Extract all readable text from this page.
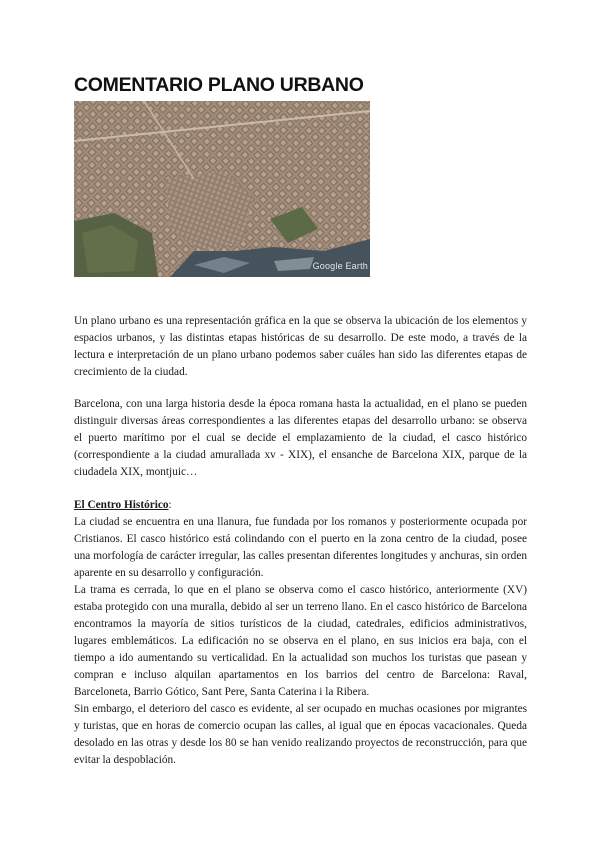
COMENTARIO PLANO URBANO
Google Earth
Un plano urbano es una representación gráfica en la que se observa la ubicación de los elementos y espacios urbanos, y las distintas etapas históricas de su desarrollo. De este modo, a través de la lectura e interpretación de un plano urbano podemos saber cuáles han sido las diferentes etapas de crecimiento de la ciudad.
Barcelona, con una larga historia desde la época romana hasta la actualidad, en el plano se pueden distinguir diversas áreas correspondientes a las diferentes etapas del desarrollo urbano: se observa el puerto marítimo por el cual se decide el emplazamiento de la ciudad, el casco histórico (correspondiente a la ciudad amurallada xv - XIX), el ensanche de Barcelona XIX, parque de la ciudadela XIX, montjuic…

El Centro Histórico:

La ciudad se encuentra en una llanura, fue fundada por los romanos y posteriormente ocupada por Cristianos. El casco histórico está colindando con el puerto en la zona centro de la ciudad, posee una morfología de carácter irregular, las calles presentan diferentes longitudes y anchuras, sin orden aparente en su desarrollo y configuración.

La trama es cerrada, lo que en el plano se observa como el casco histórico, anteriormente (XV) estaba protegido con una muralla, debido al ser un terreno llano. En el casco histórico de Barcelona encontramos la mayoría de sitios turísticos de la ciudad, catedrales, edificios administrativos, lugares emblemáticos. La edificación no se observa en el plano, en sus inicios era baja, con el tiempo a ido aumentando su verticalidad. En la actualidad son muchos los turistas que pasean y compran e incluso alquilan apartamentos en los barrios del centro de Barcelona: Raval, Barceloneta, Barrio Gótico, Sant Pere, Santa Caterina i la Ribera.

Sin embargo, el deterioro del casco es evidente, al ser ocupado en muchas ocasiones por migrantes y turistas, que en horas de comercio ocupan las calles, al igual que en épocas vacacionales. Queda desolado en las otras y desde los 80 se han venido realizando proyectos de reconstrucción, para que evitar la despoblación.
